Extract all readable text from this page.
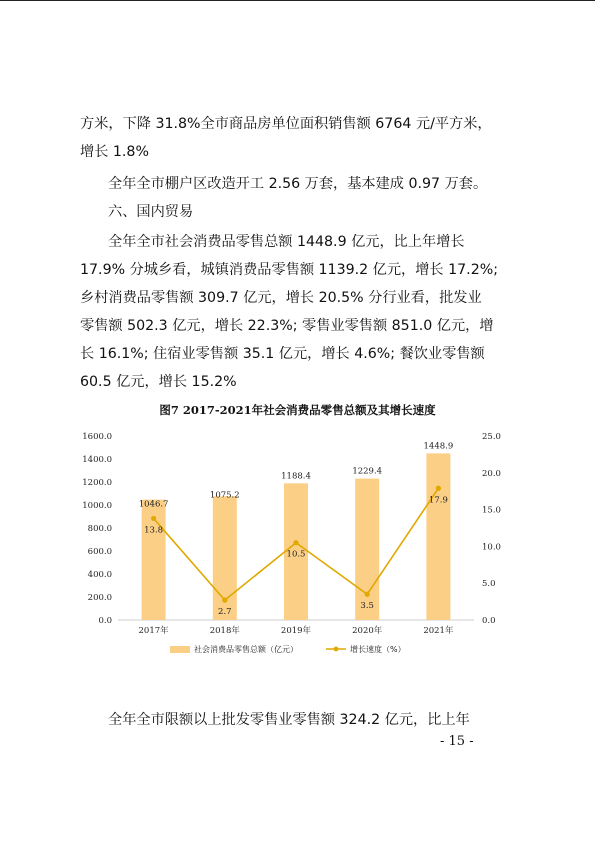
方米，下降 31.8%全市商品房单位面积销售额 6764 元/平方米，
增长 1.8%

全年全市棚户区改造开工 2.56 万套，基本建成 0.97 万套。

六、国内贸易

全年全市社会消费品零售总额 1448.9 亿元，比上年增长
17.9% 分城乡看，城镇消费品零售额 1139.2 亿元，增长 17.2%;
乡村消费品零售额 309.7 亿元，增长 20.5% 分行业看，批发业
零售额 502.3 亿元，增长 22.3%; 零售业零售额 851.0 亿元，增
长 16.1%; 住宿业零售额 35.1 亿元，增长 4.6%; 餐饮业零售额
60.5 亿元，增长 15.2%

图7 2017-2021年社会消费品零售总额及其增长速度
0.0
200.0
400.0
600.0
800.0
1000.0
1200.0
1400.0
1600.0
0.0
5.0
10.0
15.0
20.0
25.0
1046.7
1075.2
1188.4	1229.4
1448.9
2017年	2018年	2019年	2020年	2021年
13.8
2.7
10.5
3.5
17.9
社会消费品零售总额（亿元）	增长速度（%）

全年全市限额以上批发零售业零售额 324.2 亿元，比上年

- 15 -
